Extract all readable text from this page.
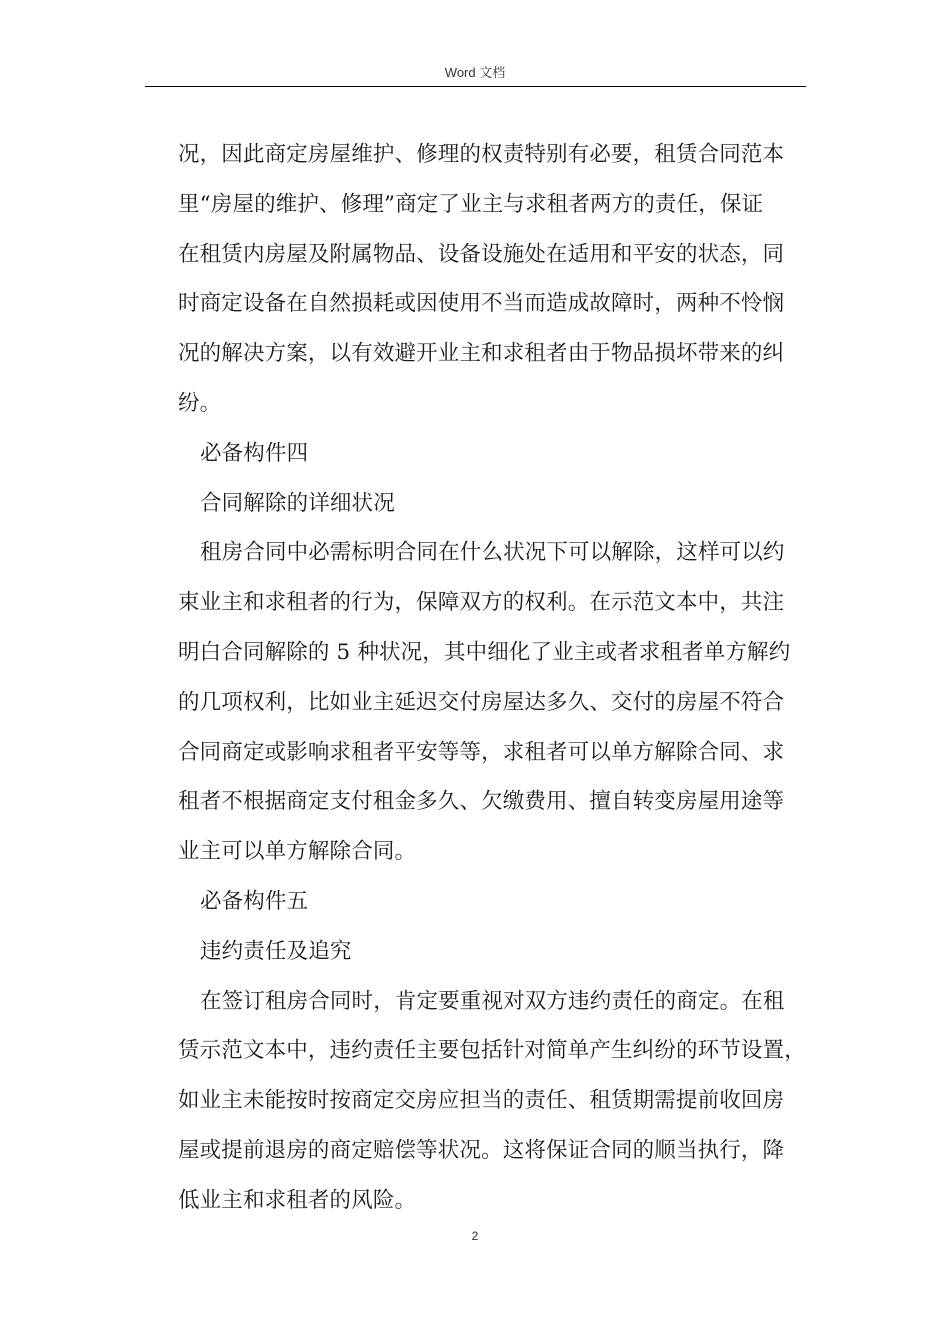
Word 文档
况，因此商定房屋维护、修理的权责特别有必要，租赁合同范本
里“房屋的维护、修理”商定了业主与求租者两方的责任，保证
在租赁内房屋及附属物品、设备设施处在适用和平安的状态，同
时商定设备在自然损耗或因使用不当而造成故障时，两种不怜悯
况的解决方案，以有效避开业主和求租者由于物品损坏带来的纠
纷。
必备构件四
合同解除的详细状况
租房合同中必需标明合同在什么状况下可以解除，这样可以约
束业主和求租者的行为，保障双方的权利。在示范文本中，共注
明白合同解除的 5 种状况，其中细化了业主或者求租者单方解约
的几项权利，比如业主延迟交付房屋达多久、交付的房屋不符合
合同商定或影响求租者平安等等，求租者可以单方解除合同、求
租者不根据商定支付租金多久、欠缴费用、擅自转变房屋用途等
业主可以单方解除合同。
必备构件五
违约责任及追究
在签订租房合同时，肯定要重视对双方违约责任的商定。在租
赁示范文本中，违约责任主要包括针对简单产生纠纷的环节设置，
如业主未能按时按商定交房应担当的责任、租赁期需提前收回房
屋或提前退房的商定赔偿等状况。这将保证合同的顺当执行，降
低业主和求租者的风险。
2
